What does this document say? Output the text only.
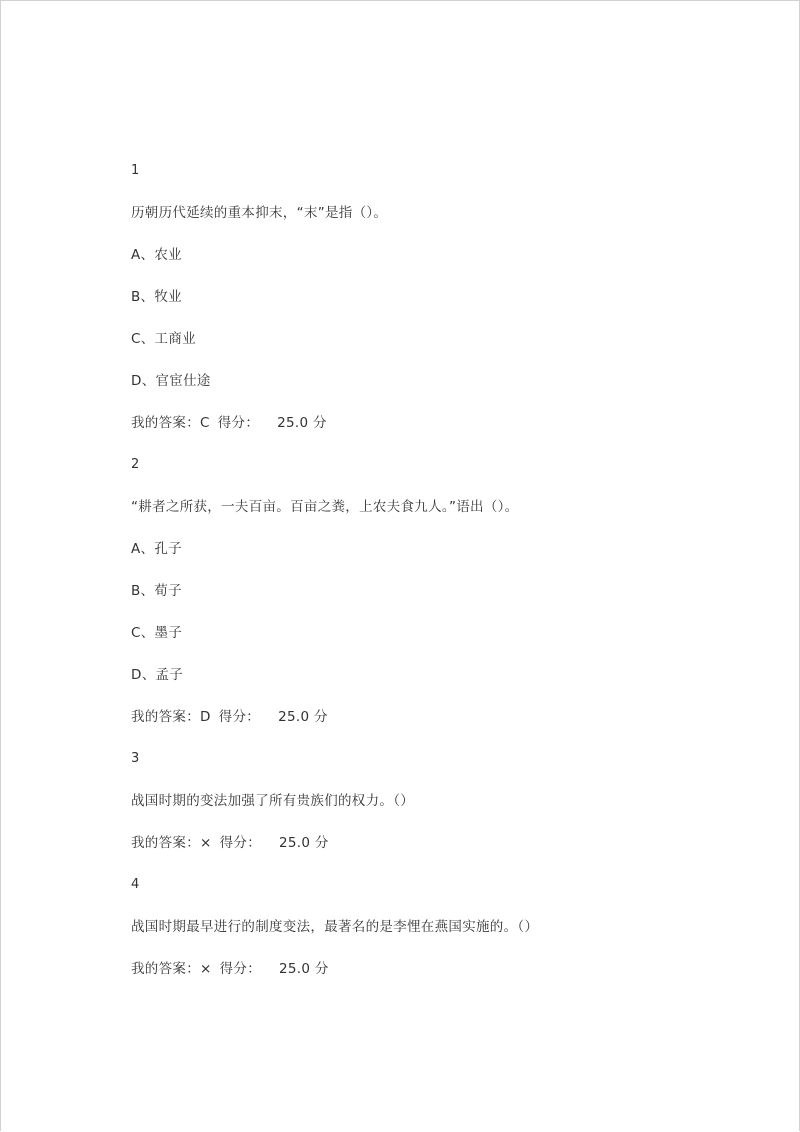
1
历朝历代延续的重本抑末，“末”是指（）。
A、农业
B、牧业
C、工商业
D、官宦仕途
我的答案：C 得分： 25.0 分
2
“耕者之所获，一夫百亩。百亩之粪，上农夫食九人。”语出（）。
A、孔子
B、荀子
C、墨子
D、孟子
我的答案：D 得分： 25.0 分
3
战国时期的变法加强了所有贵族们的权力。（）
我的答案：× 得分： 25.0 分
4
战国时期最早进行的制度变法，最著名的是李悝在燕国实施的。（）
我的答案：× 得分： 25.0 分
